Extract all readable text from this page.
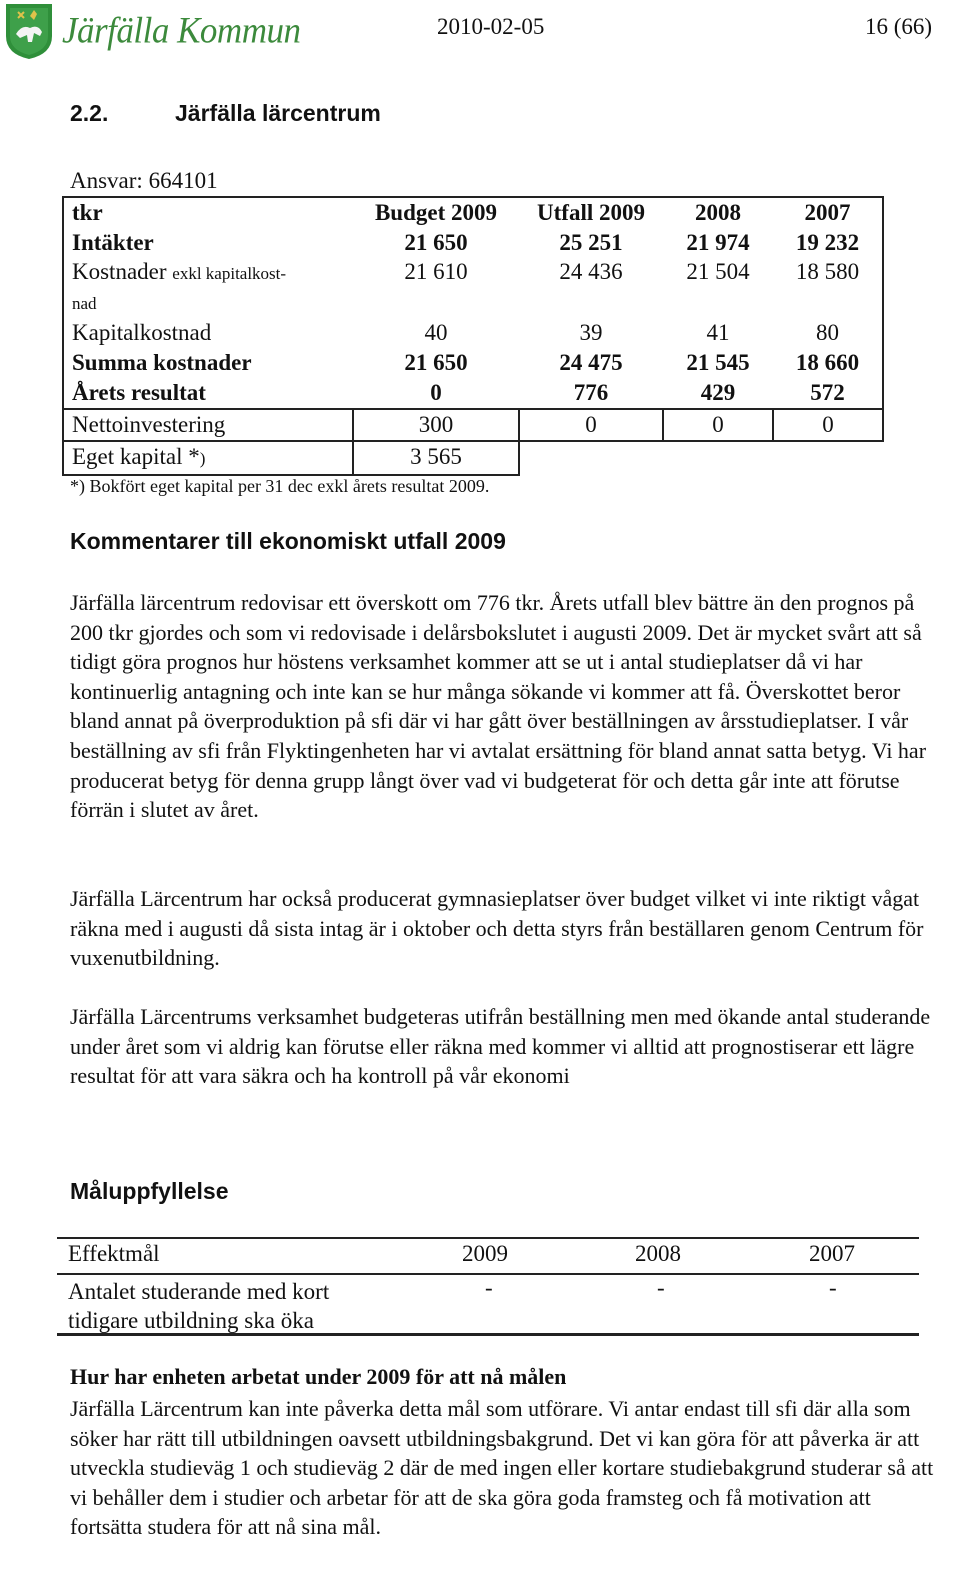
Järfälla Kommun	2010-02-05	16 (66)
2.2.	Järfälla lärcentrum
Ansvar: 664101
tkr	Budget 2009	Utfall 2009	2008	2007
Intäkter	21 650	25 251	21 974	19 232
Kostnader exkl kapitalkost-
nad	21 610	24 436	21 504	18 580
Kapitalkostnad	40	39	41	80
Summa kostnader	21 650	24 475	21 545	18 660
Årets resultat	0	776	429	572
Nettoinvestering	300	0	0	0
Eget kapital *)	3 565			
*) Bokfört eget kapital per 31 dec exkl årets resultat 2009.
Kommentarer till ekonomiskt utfall 2009
Järfälla lärcentrum redovisar ett överskott om 776 tkr. Årets utfall blev bättre än den prognos på 200 tkr gjordes och som vi redovisade i delårsbokslutet i augusti 2009. Det är mycket svårt att så tidigt göra prognos hur höstens verksamhet kommer att se ut i antal studieplatser då vi har kontinuerlig antagning och inte kan se hur många sökande vi kommer att få. Överskottet beror bland annat på överproduktion på sfi där vi har gått över beställningen av årsstudieplatser. I vår beställning av sfi från Flyktingenheten har vi avtalat ersättning för bland annat satta betyg. Vi har producerat betyg för denna grupp långt över vad vi budgeterat för och detta går inte att förutse förrän i slutet av året.
Järfälla Lärcentrum har också producerat gymnasieplatser över budget vilket vi inte riktigt vågat räkna med i augusti då sista intag är i oktober och detta styrs från beställaren genom Centrum för vuxenutbildning.
Järfälla Lärcentrums verksamhet budgeteras utifrån beställning men med ökande antal studerande under året som vi aldrig kan förutse eller räkna med kommer vi alltid att prognostiserar ett lägre resultat för att vara säkra och ha kontroll på vår ekonomi
Måluppfyllelse
Effektmål	2009	2008	2007
Antalet studerande med kort tidigare utbildning ska öka
-	-	-
Hur har enheten arbetat under 2009 för att nå målen
Järfälla Lärcentrum kan inte påverka detta mål som utförare. Vi antar endast till sfi där alla som söker har rätt till utbildningen oavsett utbildningsbakgrund. Det vi kan göra för att påverka är att utveckla studieväg 1 och studieväg 2 där de med ingen eller kortare studiebakgrund studerar så att vi behåller dem i studier och arbetar för att de ska göra goda framsteg och få motivation att fortsätta studera för att nå sina mål.
